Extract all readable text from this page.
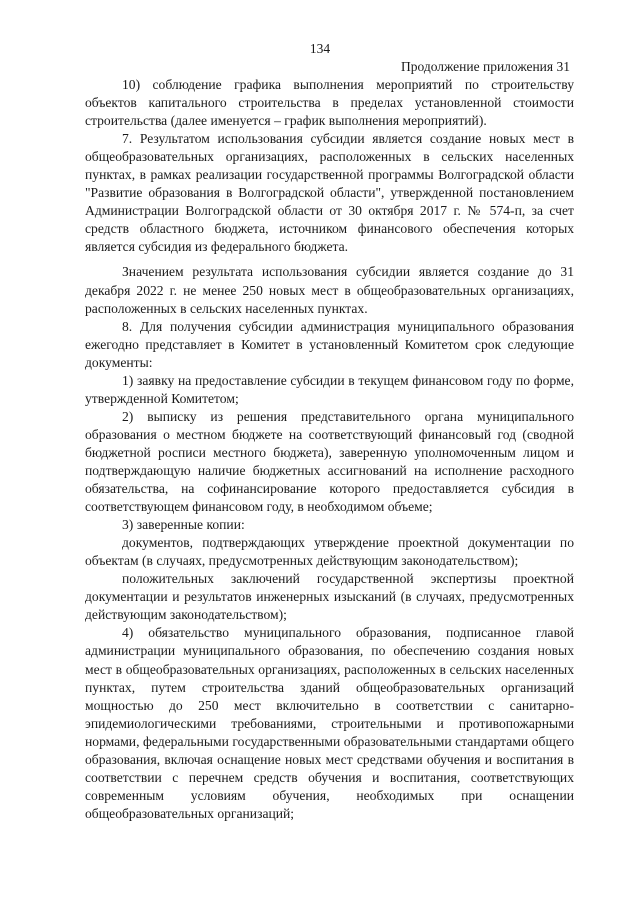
134
Продолжение приложения 31

10) соблюдение графика выполнения мероприятий по строительству объектов капитального строительства в пределах установленной стоимости строительства (далее именуется – график выполнения мероприятий).

7. Результатом использования субсидии является создание новых мест в общеобразовательных организациях, расположенных в сельских населенных пунктах, в рамках реализации государственной программы Волгоградской области "Развитие образования в Волгоградской области", утвержденной постановлением Администрации Волгоградской области от 30 октября 2017 г. № 574-п, за счет средств областного бюджета, источником финансового обеспечения которых является субсидия из федерального бюджета.

Значением результата использования субсидии является создание до 31 декабря 2022 г. не менее 250 новых мест в общеобразовательных организациях, расположенных в сельских населенных пунктах.

8. Для получения субсидии администрация муниципального образования ежегодно представляет в Комитет в установленный Комитетом срок следующие документы:

1) заявку на предоставление субсидии в текущем финансовом году по форме, утвержденной Комитетом;

2) выписку из решения представительного органа муниципального образования о местном бюджете на соответствующий финансовый год (сводной бюджетной росписи местного бюджета), заверенную уполномоченным лицом и подтверждающую наличие бюджетных ассигнований на исполнение расходного обязательства, на софинансирование которого предоставляется субсидия в соответствующем финансовом году, в необходимом объеме;

3) заверенные копии:

документов, подтверждающих утверждение проектной документации по объектам (в случаях, предусмотренных действующим законодательством);

положительных заключений государственной экспертизы проектной документации и результатов инженерных изысканий (в случаях, предусмотренных действующим законодательством);

4) обязательство муниципального образования, подписанное главой администрации муниципального образования, по обеспечению создания новых мест в общеобразовательных организациях, расположенных в сельских населенных пунктах, путем строительства зданий общеобразовательных организаций мощностью до 250 мест включительно в соответствии с санитарно-эпидемиологическими требованиями, строительными и противопожарными нормами, федеральными государственными образовательными стандартами общего образования, включая оснащение новых мест средствами обучения и воспитания в соответствии с перечнем средств обучения и воспитания, соответствующих современным условиям обучения, необходимых при оснащении общеобразовательных организаций;
